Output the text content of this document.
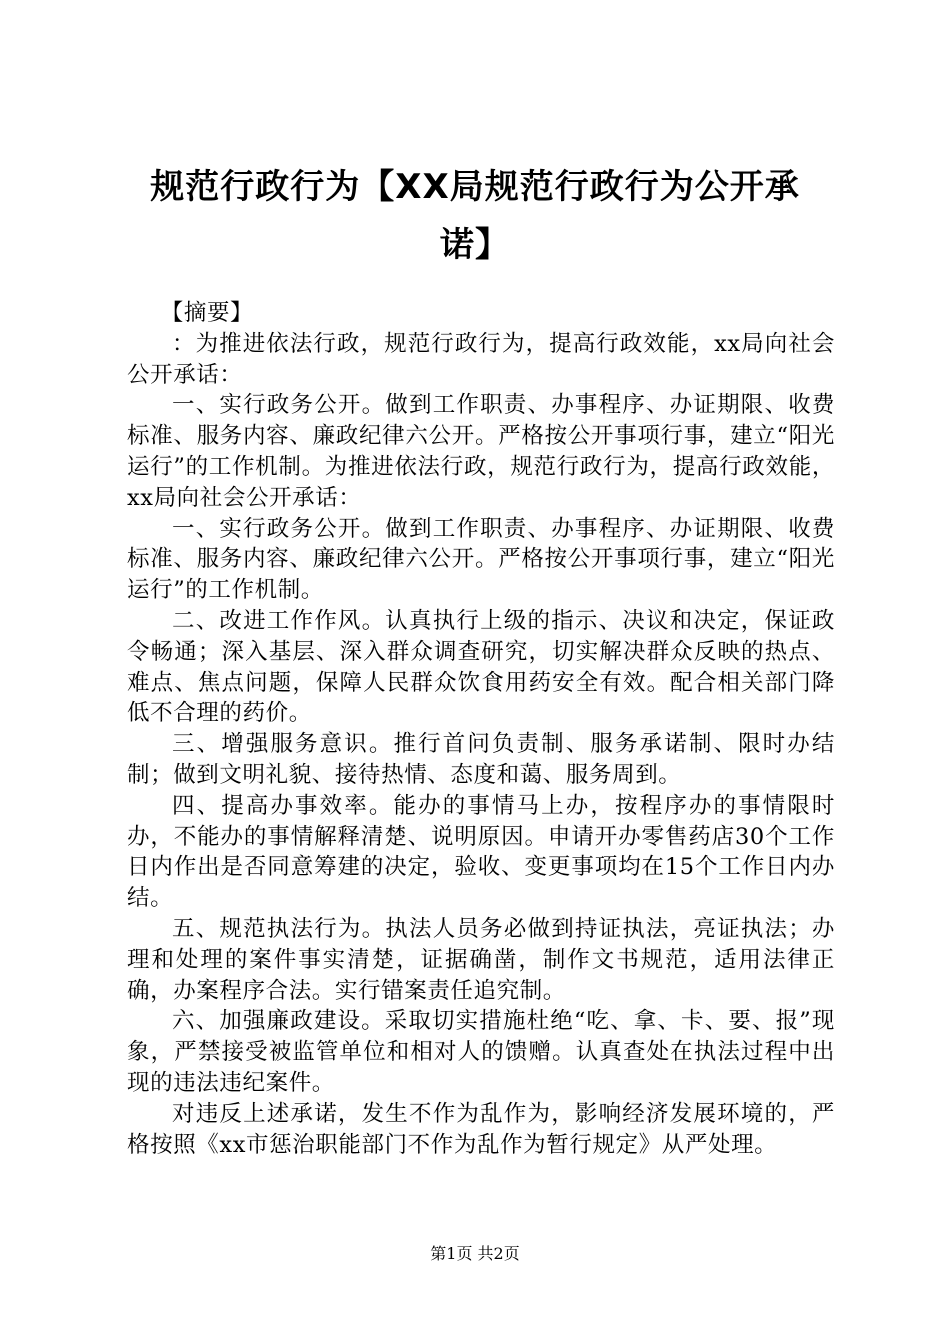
规范行政行为【XX局规范行政行为公开承
诺】

【摘要】

：为推进依法行政，规范行政行为，提高行政效能，xx局向社会公开承话：

一、实行政务公开。做到工作职责、办事程序、办证期限、收费标准、服务内容、廉政纪律六公开。严格按公开事项行事，建立“阳光运行”的工作机制。为推进依法行政，规范行政行为，提高行政效能，xx局向社会公开承话：

一、实行政务公开。做到工作职责、办事程序、办证期限、收费标准、服务内容、廉政纪律六公开。严格按公开事项行事，建立“阳光运行”的工作机制。

二、改进工作作风。认真执行上级的指示、决议和决定，保证政令畅通；深入基层、深入群众调查研究，切实解决群众反映的热点、难点、焦点问题，保障人民群众饮食用药安全有效。配合相关部门降低不合理的药价。

三、增强服务意识。推行首问负责制、服务承诺制、限时办结制；做到文明礼貌、接待热情、态度和蔼、服务周到。

四、提高办事效率。能办的事情马上办，按程序办的事情限时办，不能办的事情解释清楚、说明原因。申请开办零售药店30个工作日内作出是否同意筹建的决定，验收、变更事项均在15个工作日内办结。

五、规范执法行为。执法人员务必做到持证执法，亮证执法；办理和处理的案件事实清楚，证据确凿，制作文书规范，适用法律正确，办案程序合法。实行错案责任追究制。

六、加强廉政建设。采取切实措施杜绝“吃、拿、卡、要、报”现象，严禁接受被监管单位和相对人的馈赠。认真查处在执法过程中出现的违法违纪案件。

对违反上述承诺，发生不作为乱作为，影响经济发展环境的，严格按照《xx市惩治职能部门不作为乱作为暂行规定》从严处理。

第1页 共2页
